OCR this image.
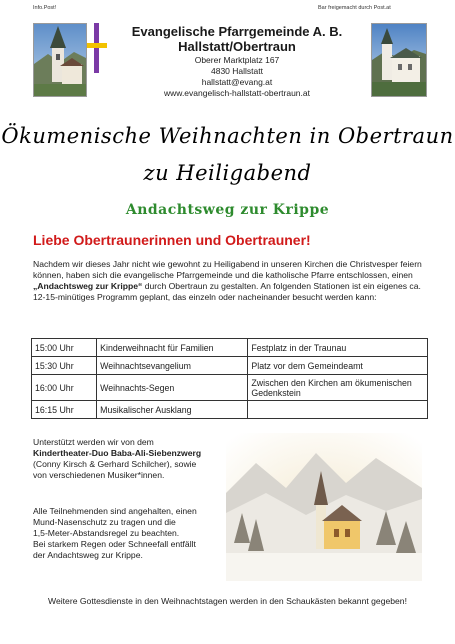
Info.Post!	Bar freigemacht durch Post.at
Evangelische Pfarrgemeinde A. B.
Hallstatt/Obertraun
Oberer Marktplatz 167
4830 Hallstatt
hallstatt@evang.at
www.evangelisch-hallstatt-obertraun.at
Ökumenische Weihnachten in Obertraun
zu Heiligabend
Andachtsweg zur Krippe
Liebe Obertraunerinnen und Obertrauner!
Nachdem wir dieses Jahr nicht wie gewohnt zu Heiligabend in unseren Kirchen die Christvesper feiern können, haben sich die evangelische Pfarrgemeinde und die katholische Pfarre entschlossen, einen „Andachtsweg zur Krippe“ durch Obertraun zu gestalten. An folgenden Stationen ist ein eigenes ca. 12-15-minütiges Programm geplant, das einzeln oder nacheinander besucht werden kann:
15:00 Uhr	Kinderweihnacht für Familien	Festplatz in der Traunau
15:30 Uhr	Weihnachtsevangelium	Platz vor dem Gemeindeamt
16:00 Uhr	Weihnachts-Segen	Zwischen den Kirchen am ökumenischen Gedenkstein
16:15 Uhr	Musikalischer Ausklang	
Unterstützt werden wir von dem Kindertheater-Duo Baba-Ali-Siebenzwerg (Conny Kirsch & Gerhard Schilcher), sowie von verschiedenen Musiker*innen.
Alle Teilnehmenden sind angehalten, einen Mund-Nasenschutz zu tragen und die
1,5-Meter-Abstandsregel zu beachten.
Bei starkem Regen oder Schneefall entfällt der Andachtsweg zur Krippe.
Weitere Gottesdienste in den Weihnachtstagen werden in den Schaukästen bekannt gegeben!
